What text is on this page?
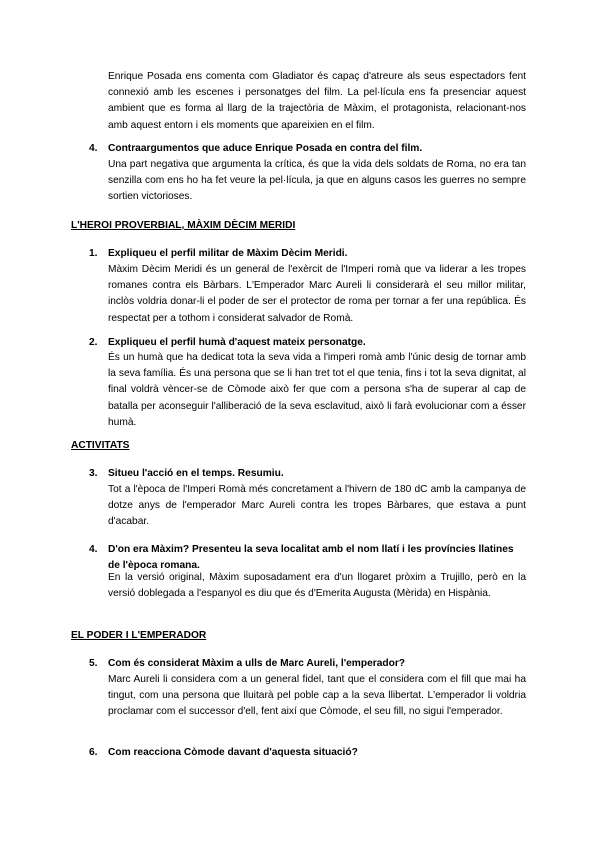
Enrique Posada ens comenta com Gladiator és capaç d'atreure als seus espectadors fent connexió amb les escenes i personatges del film. La pel·lícula ens fa presenciar aquest ambient que es forma al llarg de la trajectòria de Màxim, el protagonista, relacionant-nos amb aquest entorn i els moments que apareixien en el film.

4. Contraargumentos que aduce Enrique Posada en contra del film.

Una part negativa que argumenta la crítica, és que la vida dels soldats de Roma, no era tan senzilla com ens ho ha fet veure la pel·lícula, ja que en alguns casos les guerres no sempre sortien victorioses.

L'HEROI PROVERBIAL, MÀXIM DÈCIM MERIDI
1. Expliqueu el perfil militar de Màxim Dècim Meridi.

Màxim Dècim Meridi és un general de l'exèrcit de l'Imperi romà que va liderar a les tropes romanes contra els Bàrbars. L'Emperador Marc Aureli li considerarà el seu millor militar, inclòs voldria donar-li el poder de ser el protector de roma per tornar a fer una república. És respectat per a tothom i considerat salvador de Romà.

2. Expliqueu el perfil humà d'aquest mateix personatge.

És un humà que ha dedicat tota la seva vida a l'imperi romà amb l'únic desig de tornar amb la seva família. És una persona que se li han tret tot el que tenia, fins i tot la seva dignitat, al final voldrà vèncer-se de Còmode això fer que com a persona s'ha de superar al cap de batalla per aconseguir l'alliberació de la seva esclavitud, això li farà evolucionar com a ésser humà.

ACTIVITATS
3. Situeu l'acció en el temps. Resumiu.

Tot a l'època de l'Imperi Romà més concretament a l'hivern de 180 dC amb la campanya de dotze anys de l'emperador Marc Aureli contra les tropes Bàrbares, que estava a punt d'acabar.

4. D'on era Màxim? Presenteu la seva localitat amb el nom llatí i les províncies llatines de l'època romana.

En la versió original, Màxim suposadament era d'un llogaret pròxim a Trujillo, però en la versió doblegada a l'espanyol es diu que és d'Emerita Augusta (Mèrida) en Hispània.

EL PODER I L'EMPERADOR
5. Com és considerat Màxim a ulls de Marc Aureli, l'emperador?

Marc Aureli li considera com a un general fidel, tant que el considera com el fill que mai ha tingut, com una persona que lluitarà pel poble cap a la seva llibertat. L'emperador li voldria proclamar com el successor d'ell, fent així que Còmode, el seu fill, no sigui l'emperador.

6. Com reacciona Còmode davant d'aquesta situació?
